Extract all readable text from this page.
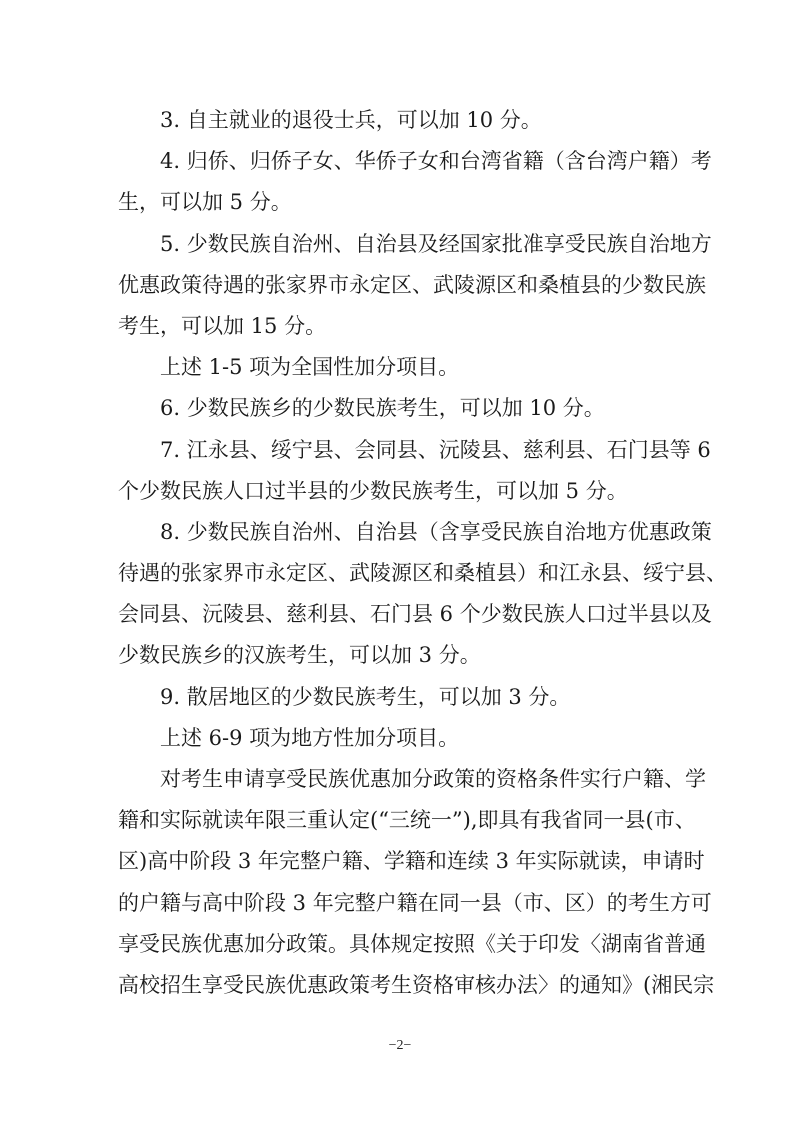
3. 自主就业的退役士兵，可以加 10 分。
4. 归侨、归侨子女、华侨子女和台湾省籍（含台湾户籍）考
生，可以加 5 分。
5. 少数民族自治州、自治县及经国家批准享受民族自治地方
优惠政策待遇的张家界市永定区、武陵源区和桑植县的少数民族
考生，可以加 15 分。
上述 1-5 项为全国性加分项目。
6. 少数民族乡的少数民族考生，可以加 10 分。
7. 江永县、绥宁县、会同县、沅陵县、慈利县、石门县等 6
个少数民族人口过半县的少数民族考生，可以加 5 分。
8. 少数民族自治州、自治县（含享受民族自治地方优惠政策
待遇的张家界市永定区、武陵源区和桑植县）和江永县、绥宁县、
会同县、沅陵县、慈利县、石门县 6 个少数民族人口过半县以及
少数民族乡的汉族考生，可以加 3 分。
9. 散居地区的少数民族考生，可以加 3 分。
上述 6-9 项为地方性加分项目。
对考生申请享受民族优惠加分政策的资格条件实行户籍、学
籍和实际就读年限三重认定(“三统一”),即具有我省同一县(市、
区)高中阶段 3 年完整户籍、学籍和连续 3 年实际就读，申请时
的户籍与高中阶段 3 年完整户籍在同一县（市、区）的考生方可
享受民族优惠加分政策。具体规定按照《关于印发〈湖南省普通
高校招生享受民族优惠政策考生资格审核办法〉的通知》(湘民宗
−2−
